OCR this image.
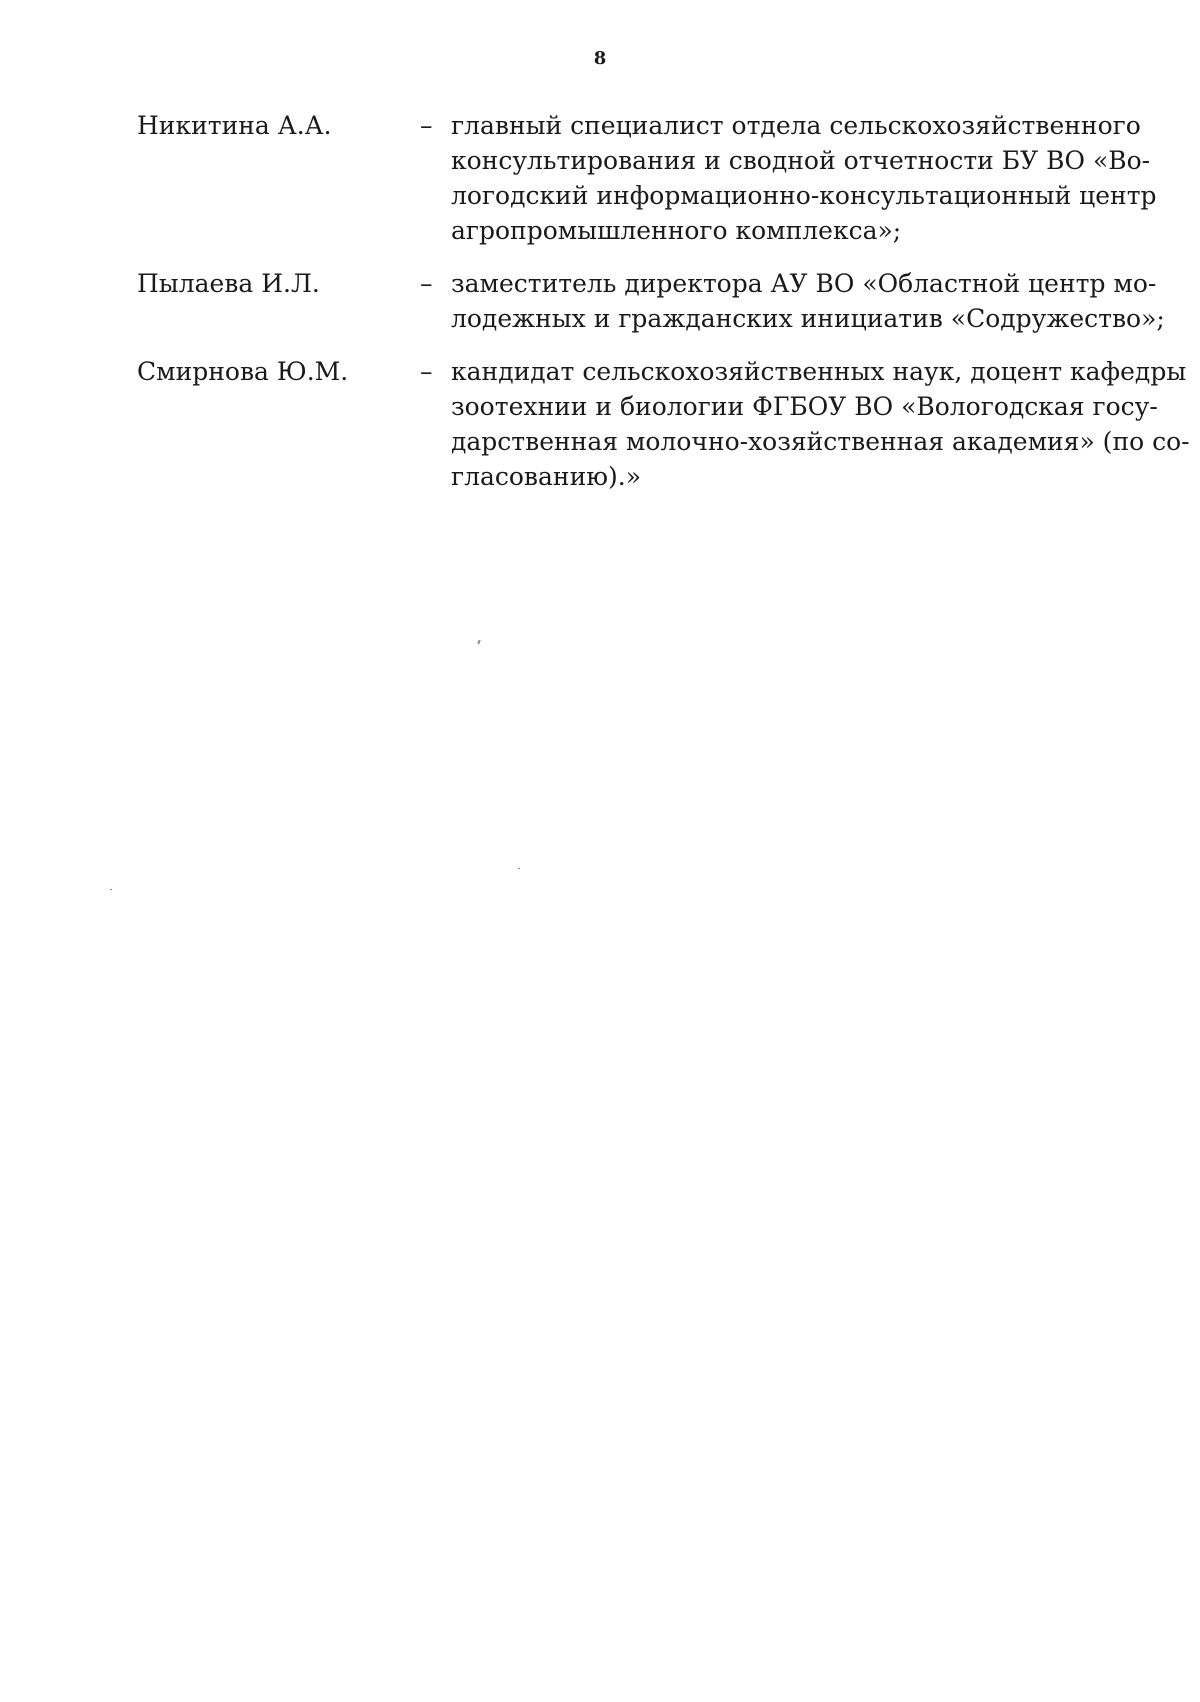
8
Никитина А.А.	– главный специалист отдела сельскохозяйственного
консультирования и сводной отчетности БУ ВО «Во-
логодский информационно-консультационный центр
агропромышленного комплекса»;
Пылаева И.Л.	– заместитель директора АУ ВО «Областной центр мо-
лодежных и гражданских инициатив «Содружество»;
Смирнова Ю.М.	– кандидат сельскохозяйственных наук, доцент кафедры
зоотехнии и биологии ФГБОУ ВО «Вологодская госу-
дарственная молочно-хозяйственная академия» (по со-
гласованию).»
